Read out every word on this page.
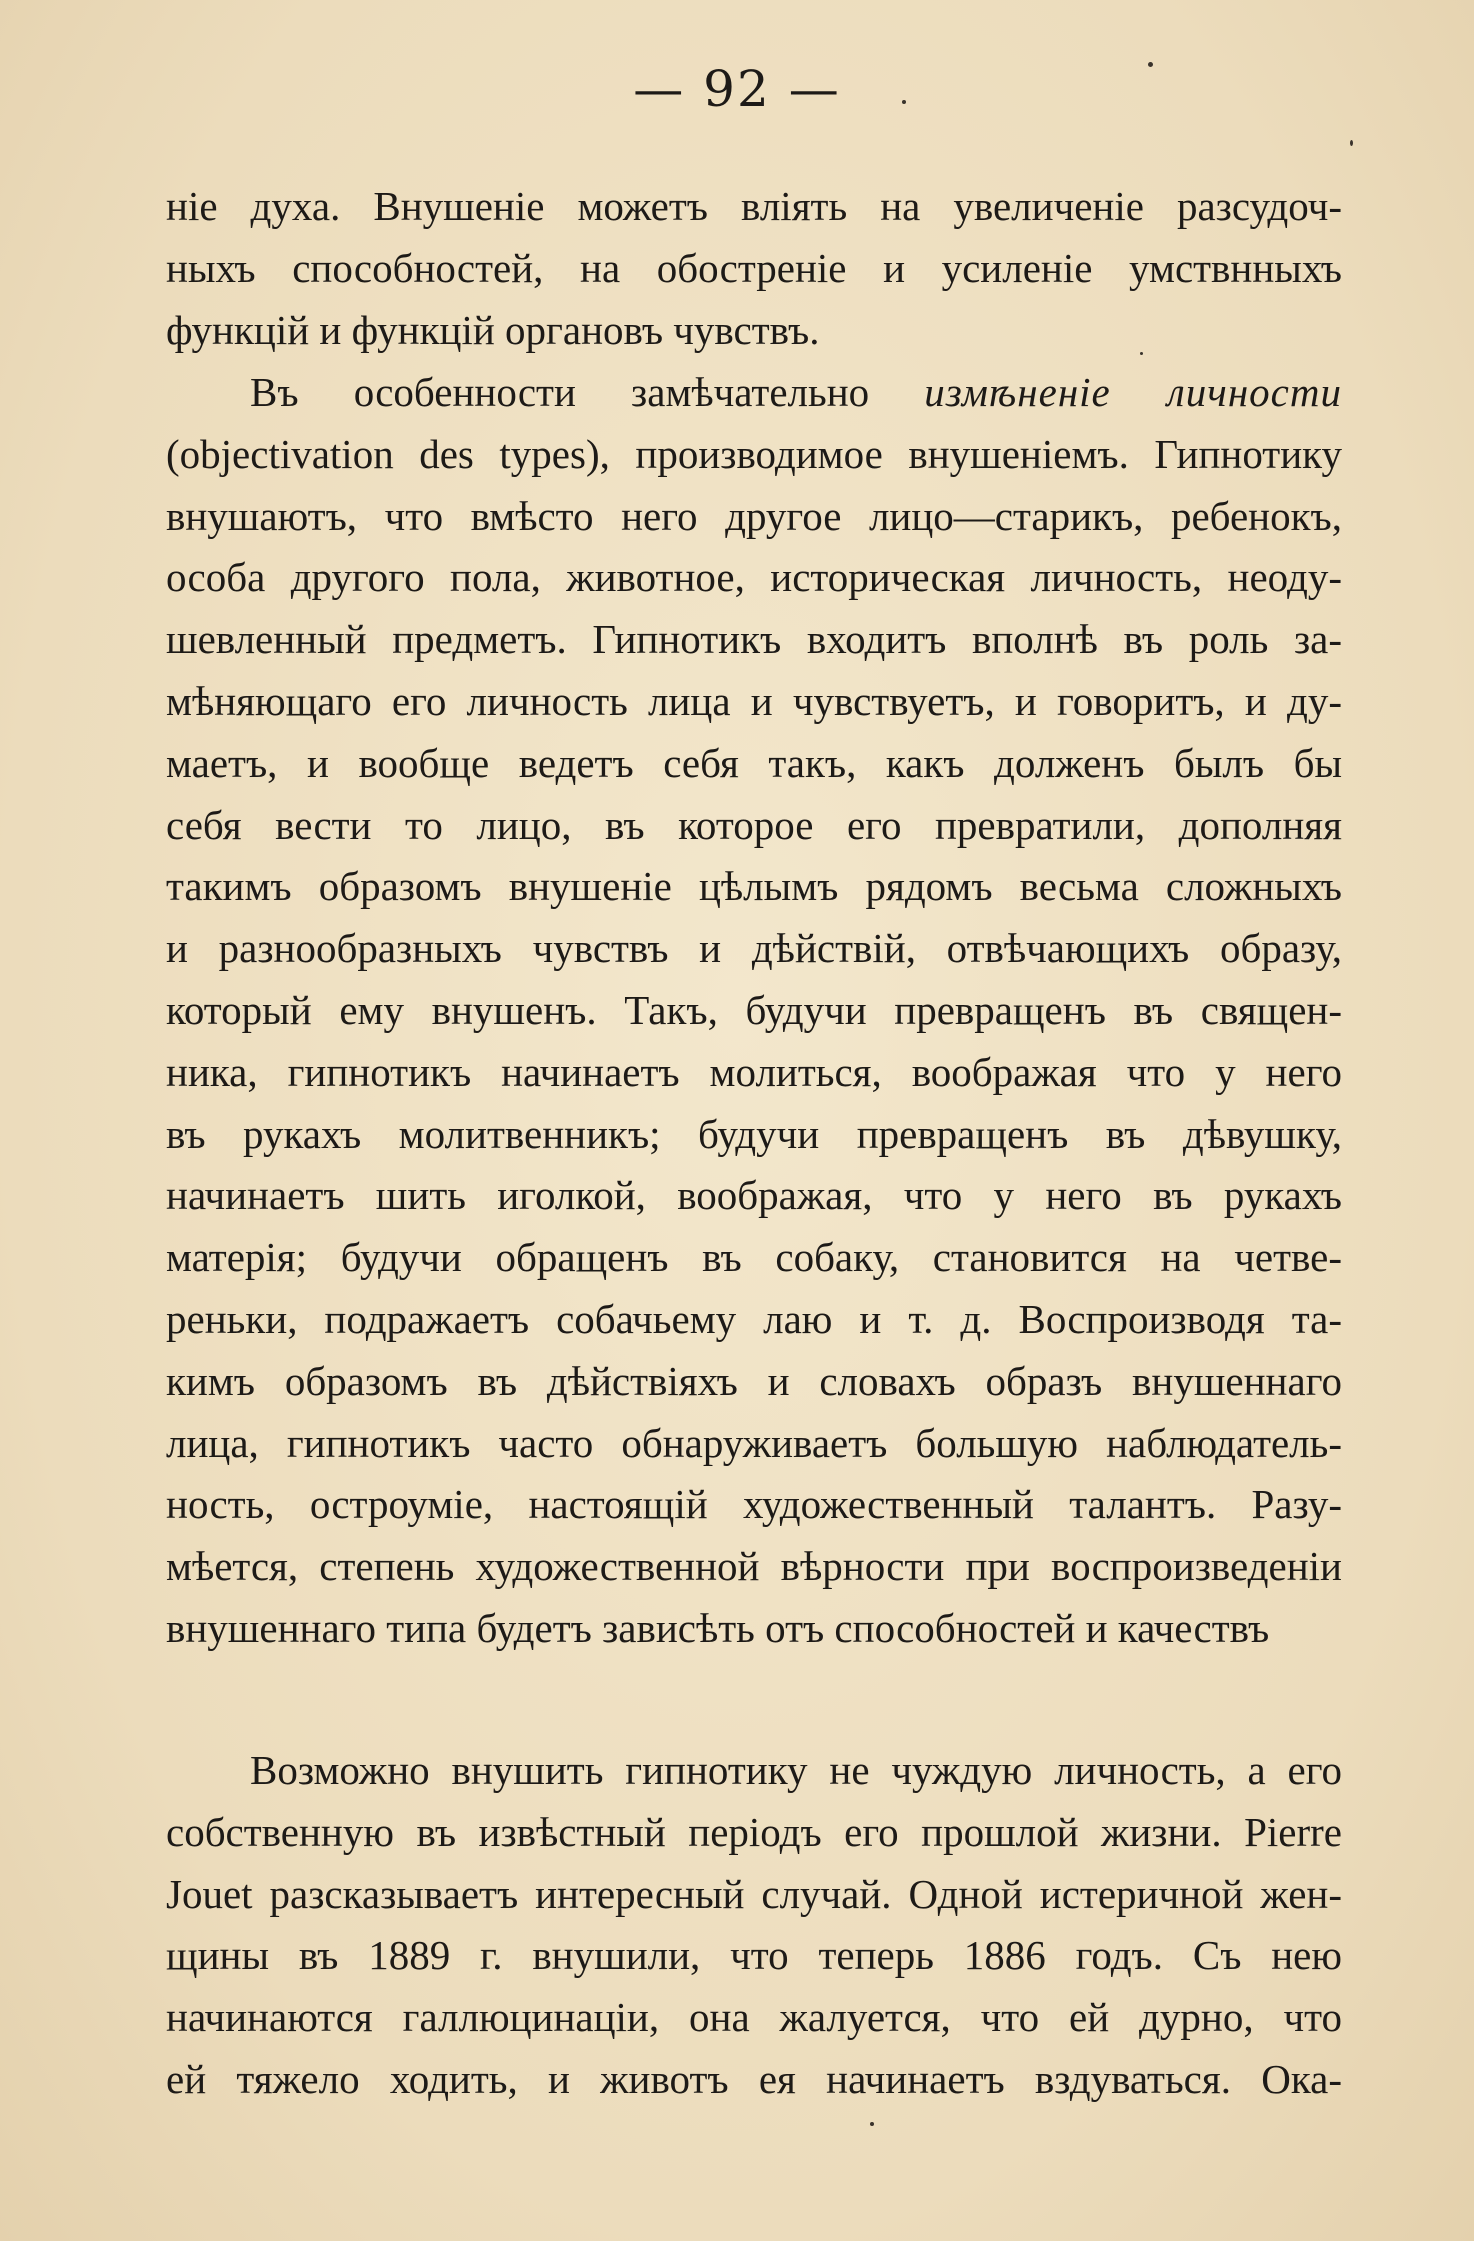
— 92 —
ніе духа. Внушеніе можетъ вліять на увеличеніе разсудоч-
ныхъ способностей, на обостреніе и усиленіе умствнныхъ
функцій и функцій органовъ чувствъ.
Въ особенности замѣчательно измѣненіе личности
(objectivation des types), производимое внушеніемъ. Гипнотику
внушаютъ, что вмѣсто него другое лицо—старикъ, ребенокъ,
особа другого пола, животное, историческая личность, неоду-
шевленный предметъ. Гипнотикъ входитъ вполнѣ въ роль за-
мѣняющаго его личность лица и чувствуетъ, и говоритъ, и ду-
маетъ, и вообще ведетъ себя такъ, какъ долженъ былъ бы
себя вести то лицо, въ которое его превратили, дополняя
такимъ образомъ внушеніе цѣлымъ рядомъ весьма сложныхъ
и разнообразныхъ чувствъ и дѣйствій, отвѣчающихъ образу,
который ему внушенъ. Такъ, будучи превращенъ въ священ-
ника, гипнотикъ начинаетъ молиться, воображая что у него
въ рукахъ молитвенникъ; будучи превращенъ въ дѣвушку,
начинаетъ шить иголкой, воображая, что у него въ рукахъ
матерія; будучи обращенъ въ собаку, становится на четве-
реньки, подражаетъ собачьему лаю и т. д. Воспроизводя та-
кимъ образомъ въ дѣйствіяхъ и словахъ образъ внушеннаго
лица, гипнотикъ часто обнаруживаетъ большую наблюдатель-
ность, остроуміе, настоящій художественный талантъ. Разу-
мѣется, степень художественной вѣрности при воспроизведеніи
внушеннаго типа будетъ зависѣть отъ способностей и качествъ
Возможно внушить гипнотику не чуждую личность, а его
собственную въ извѣстный періодъ его прошлой жизни. Pierre
Jouet разсказываетъ интересный случай. Одной истеричной жен-
щины въ 1889 г. внушили, что теперь 1886 годъ. Съ нею
начинаются галлюцинаціи, она жалуется, что ей дурно, что
ей тяжело ходить, и животъ ея начинаетъ вздуваться. Ока-
